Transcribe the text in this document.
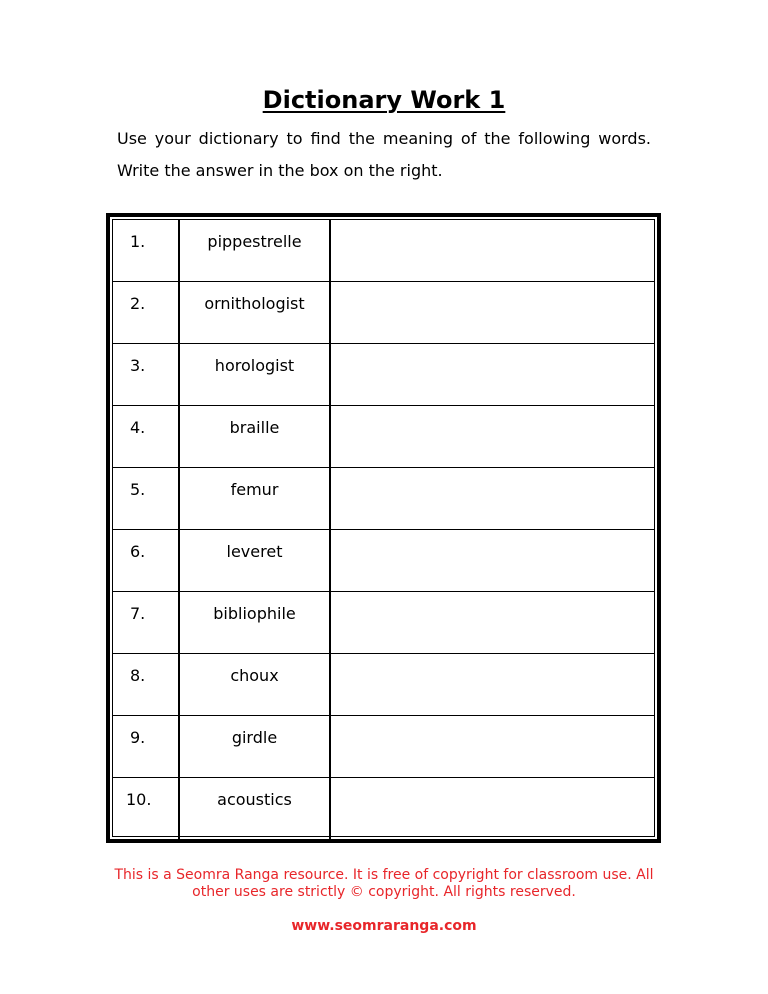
Dictionary Work 1

Use your dictionary to find the meaning of the following words. Write the answer in the box on the right.

1.	pippestrelle
2.	ornithologist
3.	horologist
4.	braille
5.	femur
6.	leveret
7.	bibliophile
8.	choux
9.	girdle
10.	acoustics

This is a Seomra Ranga resource. It is free of copyright for classroom use. All other uses are strictly © copyright. All rights reserved.

www.seomraranga.com
